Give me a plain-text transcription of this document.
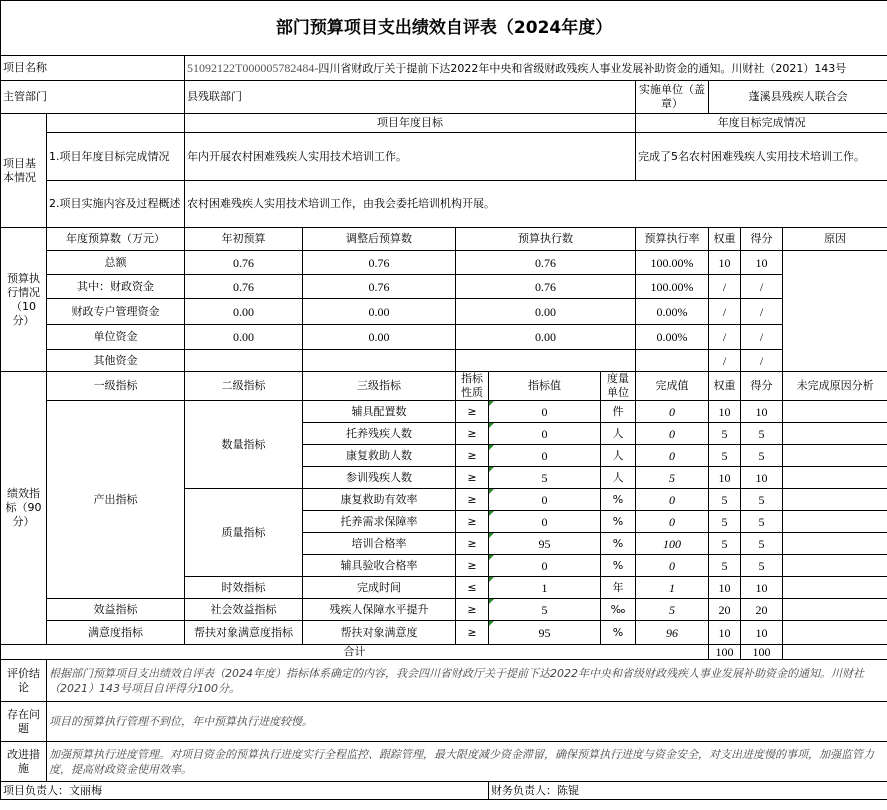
部门预算项目支出绩效自评表（2024年度）										
项目名称		51092122T000005782484-四川省财政厅关于提前下达2022年中央和省级财政残疾人事业发展补助资金的通知。川财社（2021）143号								
主管部门		县残联部门					实施单位（盖章）	蓬溪县残疾人联合会		
项目基本情况		项目年度目标					年度目标完成情况			
	1.项目年度目标完成情况	年内开展农村困难残疾人实用技术培训工作。					完成了5名农村困难残疾人实用技术培训工作。			
	2.项目实施内容及过程概述	农村困难残疾人实用技术培训工作，由我会委托培训机构开展。								
预算执行情况（10分）	年度预算数（万元）	年初预算	调整后预算数	预算执行数			预算执行率	权重	得分	原因
	总额	0.76	0.76	0.76			100.00%	10	10	
	其中：财政资金	0.76	0.76	0.76			100.00%	/	/	
	财政专户管理资金	0.00	0.00	0.00			0.00%	/	/	
	单位资金	0.00	0.00	0.00			0.00%	/	/	
	其他资金							/	/	
绩效指标（90分）	一级指标	二级指标	三级指标	指标性质	指标值	度量单位	完成值	权重	得分	未完成原因分析
	产出指标	数量指标	辅具配置数	≥	0	件	0	10	10	
			托养残疾人数	≥	0	人	0	5	5	
			康复救助人数	≥	0	人	0	5	5	
			参训残疾人数	≥	5	人	5	10	10	
		质量指标	康复救助有效率	≥	0	%	0	5	5	
			托养需求保障率	≥	0	%	0	5	5	
			培训合格率	≥	95	%	100	5	5	
			辅具验收合格率	≥	0	%	0	5	5	
		时效指标	完成时间	≤	1	年	1	10	10	
	效益指标	社会效益指标	残疾人保障水平提升	≥	5	‰	5	20	20	
	满意度指标	帮扶对象满意度指标	帮扶对象满意度	≥	95	%	96	10	10	
合计								100	100	
评价结论	根据部门预算项目支出绩效自评表（2024年度）指标体系确定的内容，我会四川省财政厅关于提前下达2022年中央和省级财政残疾人事业发展补助资金的通知。川财社（2021）143号项目自评得分100分。									
存在问题	项目的预算执行管理不到位，年中预算执行进度较慢。									
改进措施	加强预算执行进度管理。对项目资金的预算执行进度实行全程监控、跟踪管理，最大限度减少资金滞留，确保预算执行进度与资金安全，对支出进度慢的事项，加强监管力度，提高财政资金使用效率。									
项目负责人：文丽梅					财务负责人：陈锟					
